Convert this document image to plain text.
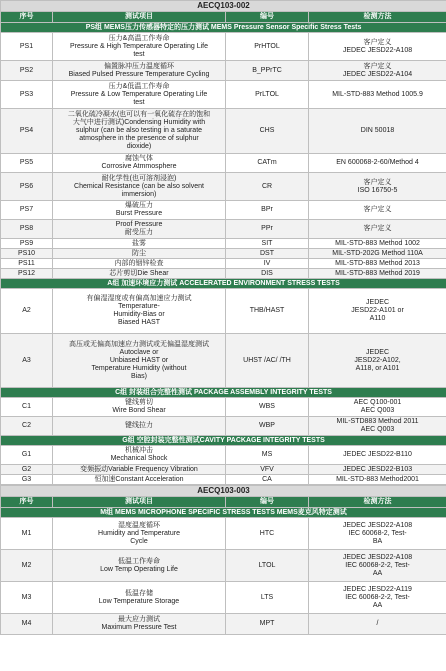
AECQ103-002			
序号	测试项目	编号	检测方法
PS组 MEMS压力传感器特定的压力测试 MEMS Pressure Sensor Specific Stress Tests			
PS1	压力&高温工作寿命
Pressure & High Temperature Operating Life
test	PrHTOL	客户定义
JEDEC JESD22-A108
PS2	偏置脉冲压力温度循环
Biased Pulsed Pressure Temperature Cycling	B_PPrTC	客户定义
JEDEC JESD22-A104
PS3	压力&低温工作寿命
Pressure & Low Temperature Operating Life
test	PrLTOL	MIL-STD-883 Method 1005.9
PS4	二氧化硫冷凝水(也可以有一氧化硫存在的饱和
大气中进行测试)Condensing Humidity with
sulphur (can be also testing in a saturate
atmosphere in the presence of sulphur
dioxide)	CHS	DIN 50018
PS5	腐蚀气体
Corrosive Atmmosphere	CATm	EN 600068-2-60/Method 4
PS6	耐化学性(也可溶剂浸泡)
Chemical Resistance (can be also solvent
immersion)	CR	客户定义
ISO 16750-5
PS7	爆破压力
Burst Pressure	BPr	客户定义
PS8	Proof Pressure
耐受压力	PPr	客户定义
PS9	盐雾	SIT	MIL-STD-883 Method 1002
PS10	防尘	DST	MIL-STD-202G Method 110A
PS11	内部的铟锌检查	IV	MIL-STD-883 Method 2013
PS12	芯片剪切Die Shear	DIS	MIL-STD-883 Method 2019
A组 加速环境应力测试 ACCELERATED ENVIRONMENT STRESS TESTS			
A2	有偏湿湿度或有偏高加速应力测试
Temperature-
Humidity-Bias or
Biased HAST	THB/HAST	JEDEC
JESD22-A101 or
A110
A3	高压或无偏高加速应力测试或无偏温湿度测试
Autoclave or
Unbiased HAST or
Temperature Humidity (without
Bias)	UHST /AC/ /TH	JEDEC
JESD22-A102,
A118, or A101
C组 封装组合完整性测试 PACKAGE ASSEMBLY INTEGRITY TESTS			
C1	键线剪切
Wire Bond Shear	WBS	AEC Q100-001
AEC Q003
C2	键线拉力	WBP	MIL-STD883 Method 2011
AEC Q003
G组 空腔封装完整性测试CAVITY PACKAGE INTEGRITY TESTS			
G1	机械冲击
Mechanical Shock	MS	JEDEC JESD22-B110
G2	变频振动Variable Frequency Vibration	VFV	JEDEC JESD22-B103
G3	恒加速Constant Acceleration	CA	MIL-STD-883 Method2001
AECQ103-003			
序号	测试项目	编号	检测方法
M组 MEMS MICROPHONE SPECIFIC STRESS TESTS MEMS麦克风特定测试			
M1	湿度温度循环
Humidity and Temperature
Cycle	HTC	JEDEC JESD22-A108
IEC 60068-2, Test-
BA
M2	低温工作寿命
Low Temp Operating Life	LTOL	JEDEC JESD22-A108
IEC 60068-2-2, Test-
AA
M3	低温存储
Low Temperature Storage	LTS	JEDEC JESD22-A119
IEC 60068-2-2, Test-
AA
M4	最大应力测试
Maximum Pressure Test	MPT	/
